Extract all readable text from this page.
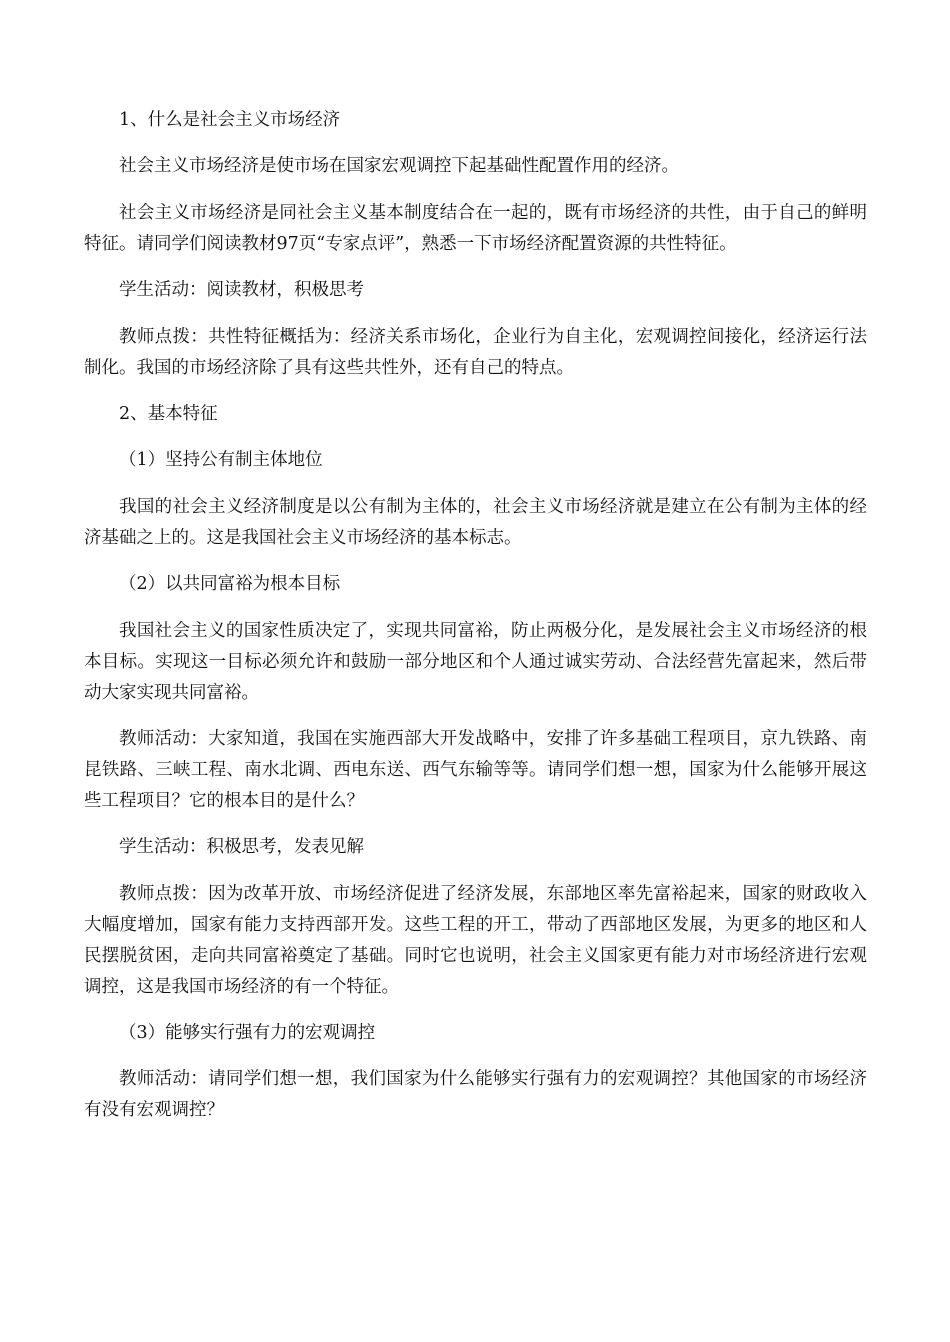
1、什么是社会主义市场经济

社会主义市场经济是使市场在国家宏观调控下起基础性配置作用的经济。

社会主义市场经济是同社会主义基本制度结合在一起的，既有市场经济的共性，由于自己的鲜明特征。请同学们阅读教材97页“专家点评”，熟悉一下市场经济配置资源的共性特征。

学生活动：阅读教材，积极思考

教师点拨：共性特征概括为：经济关系市场化，企业行为自主化，宏观调控间接化，经济运行法制化。我国的市场经济除了具有这些共性外，还有自己的特点。

2、基本特征

（1）坚持公有制主体地位

我国的社会主义经济制度是以公有制为主体的，社会主义市场经济就是建立在公有制为主体的经济基础之上的。这是我国社会主义市场经济的基本标志。

（2）以共同富裕为根本目标

我国社会主义的国家性质决定了，实现共同富裕，防止两极分化，是发展社会主义市场经济的根本目标。实现这一目标必须允许和鼓励一部分地区和个人通过诚实劳动、合法经营先富起来，然后带动大家实现共同富裕。

教师活动：大家知道，我国在实施西部大开发战略中，安排了许多基础工程项目，京九铁路、南昆铁路、三峡工程、南水北调、西电东送、西气东输等等。请同学们想一想，国家为什么能够开展这些工程项目？它的根本目的是什么？

学生活动：积极思考，发表见解

教师点拨：因为改革开放、市场经济促进了经济发展，东部地区率先富裕起来，国家的财政收入大幅度增加，国家有能力支持西部开发。这些工程的开工，带动了西部地区发展，为更多的地区和人民摆脱贫困，走向共同富裕奠定了基础。同时它也说明，社会主义国家更有能力对市场经济进行宏观调控，这是我国市场经济的有一个特征。

（3）能够实行强有力的宏观调控

教师活动：请同学们想一想，我们国家为什么能够实行强有力的宏观调控？其他国家的市场经济有没有宏观调控？
